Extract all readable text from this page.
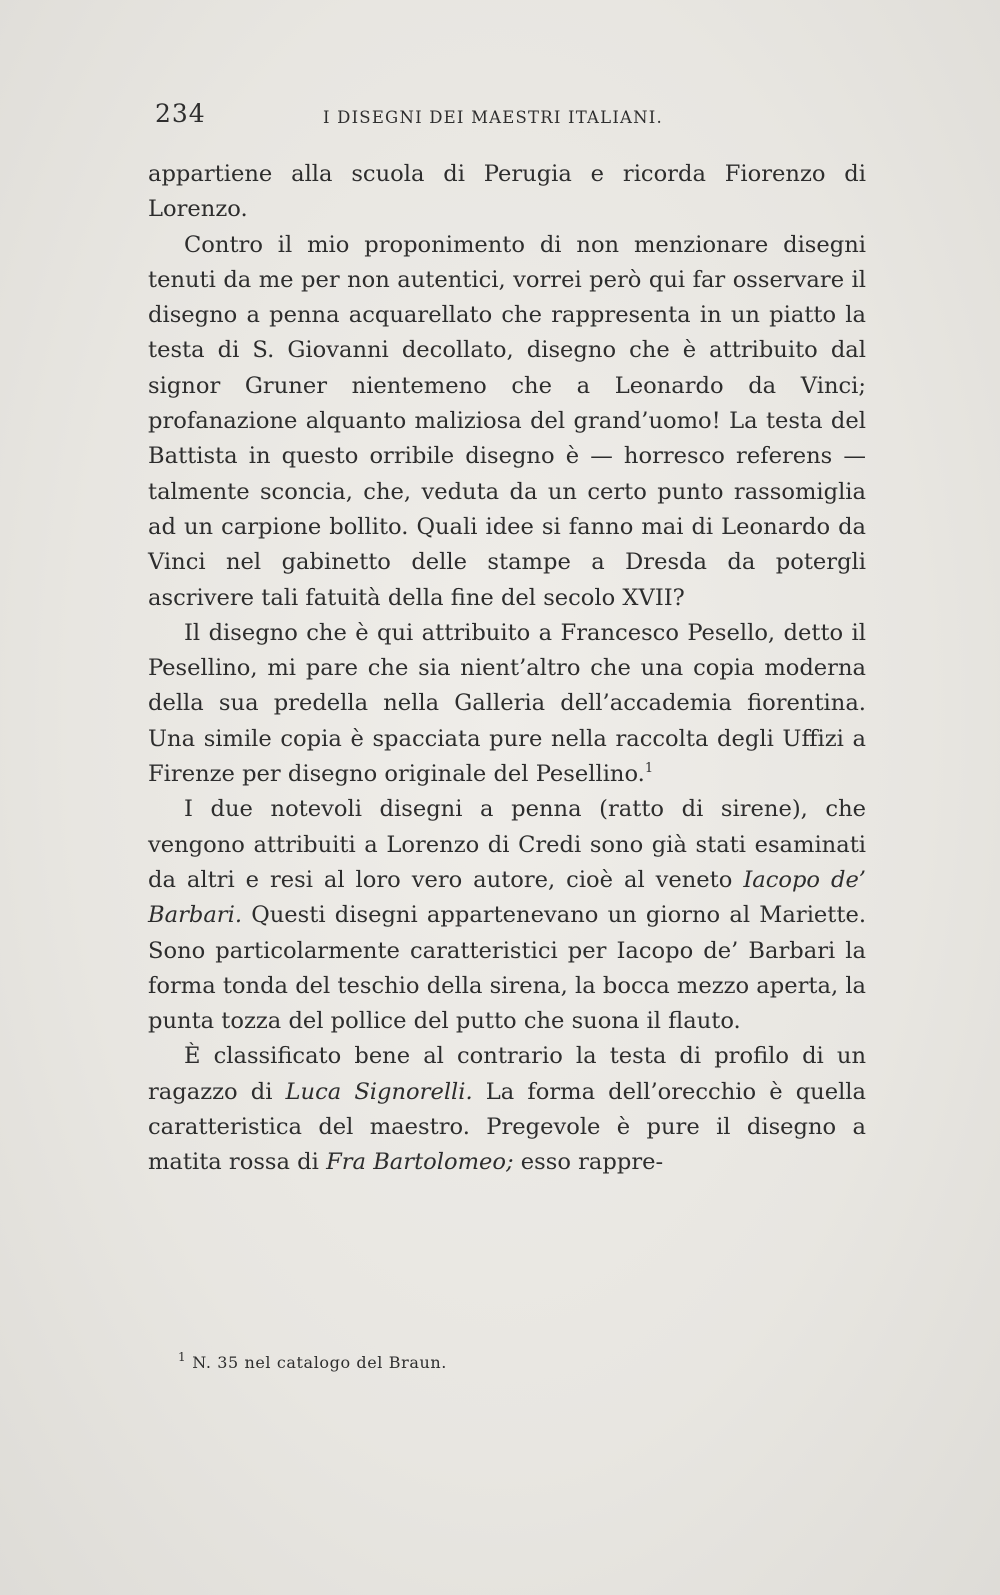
234	I DISEGNI DEI MAESTRI ITALIANI.

appartiene alla scuola di Perugia e ricorda Fiorenzo di Lorenzo.

Contro il mio proponimento di non menzionare disegni tenuti da me per non autentici, vorrei però qui far osservare il disegno a penna acquarellato che rappresenta in un piatto la testa di S. Giovanni decollato, disegno che è attribuito dal signor Gruner nientemeno che a Leonardo da Vinci; profanazione alquanto maliziosa del grand’uomo! La testa del Battista in questo orribile disegno è — horresco referens — talmente sconcia, che, veduta da un certo punto rassomiglia ad un carpione bollito. Quali idee si fanno mai di Leonardo da Vinci nel gabinetto delle stampe a Dresda da potergli ascrivere tali fatuità della fine del secolo XVII?

Il disegno che è qui attribuito a Francesco Pesello, detto il Pesellino, mi pare che sia nient’altro che una copia moderna della sua predella nella Galleria dell’accademia fiorentina. Una simile copia è spacciata pure nella raccolta degli Uffizi a Firenze per disegno originale del Pesellino.$^1$

I due notevoli disegni a penna (ratto di sirene), che vengono attribuiti a Lorenzo di Credi sono già stati esaminati da altri e resi al loro vero autore, cioè al veneto Iacopo de’ Barbari. Questi disegni appartenevano un giorno al Mariette. Sono particolarmente caratteristici per Iacopo de’ Barbari la forma tonda del teschio della sirena, la bocca mezzo aperta, la punta tozza del pollice del putto che suona il flauto.

È classificato bene al contrario la testa di profilo di un ragazzo di Luca Signorelli. La forma dell’orecchio è quella caratteristica del maestro. Pregevole è pure il disegno a matita rossa di Fra Bartolomeo; esso rappre-

$^1$ N. 35 nel catalogo del Braun.
